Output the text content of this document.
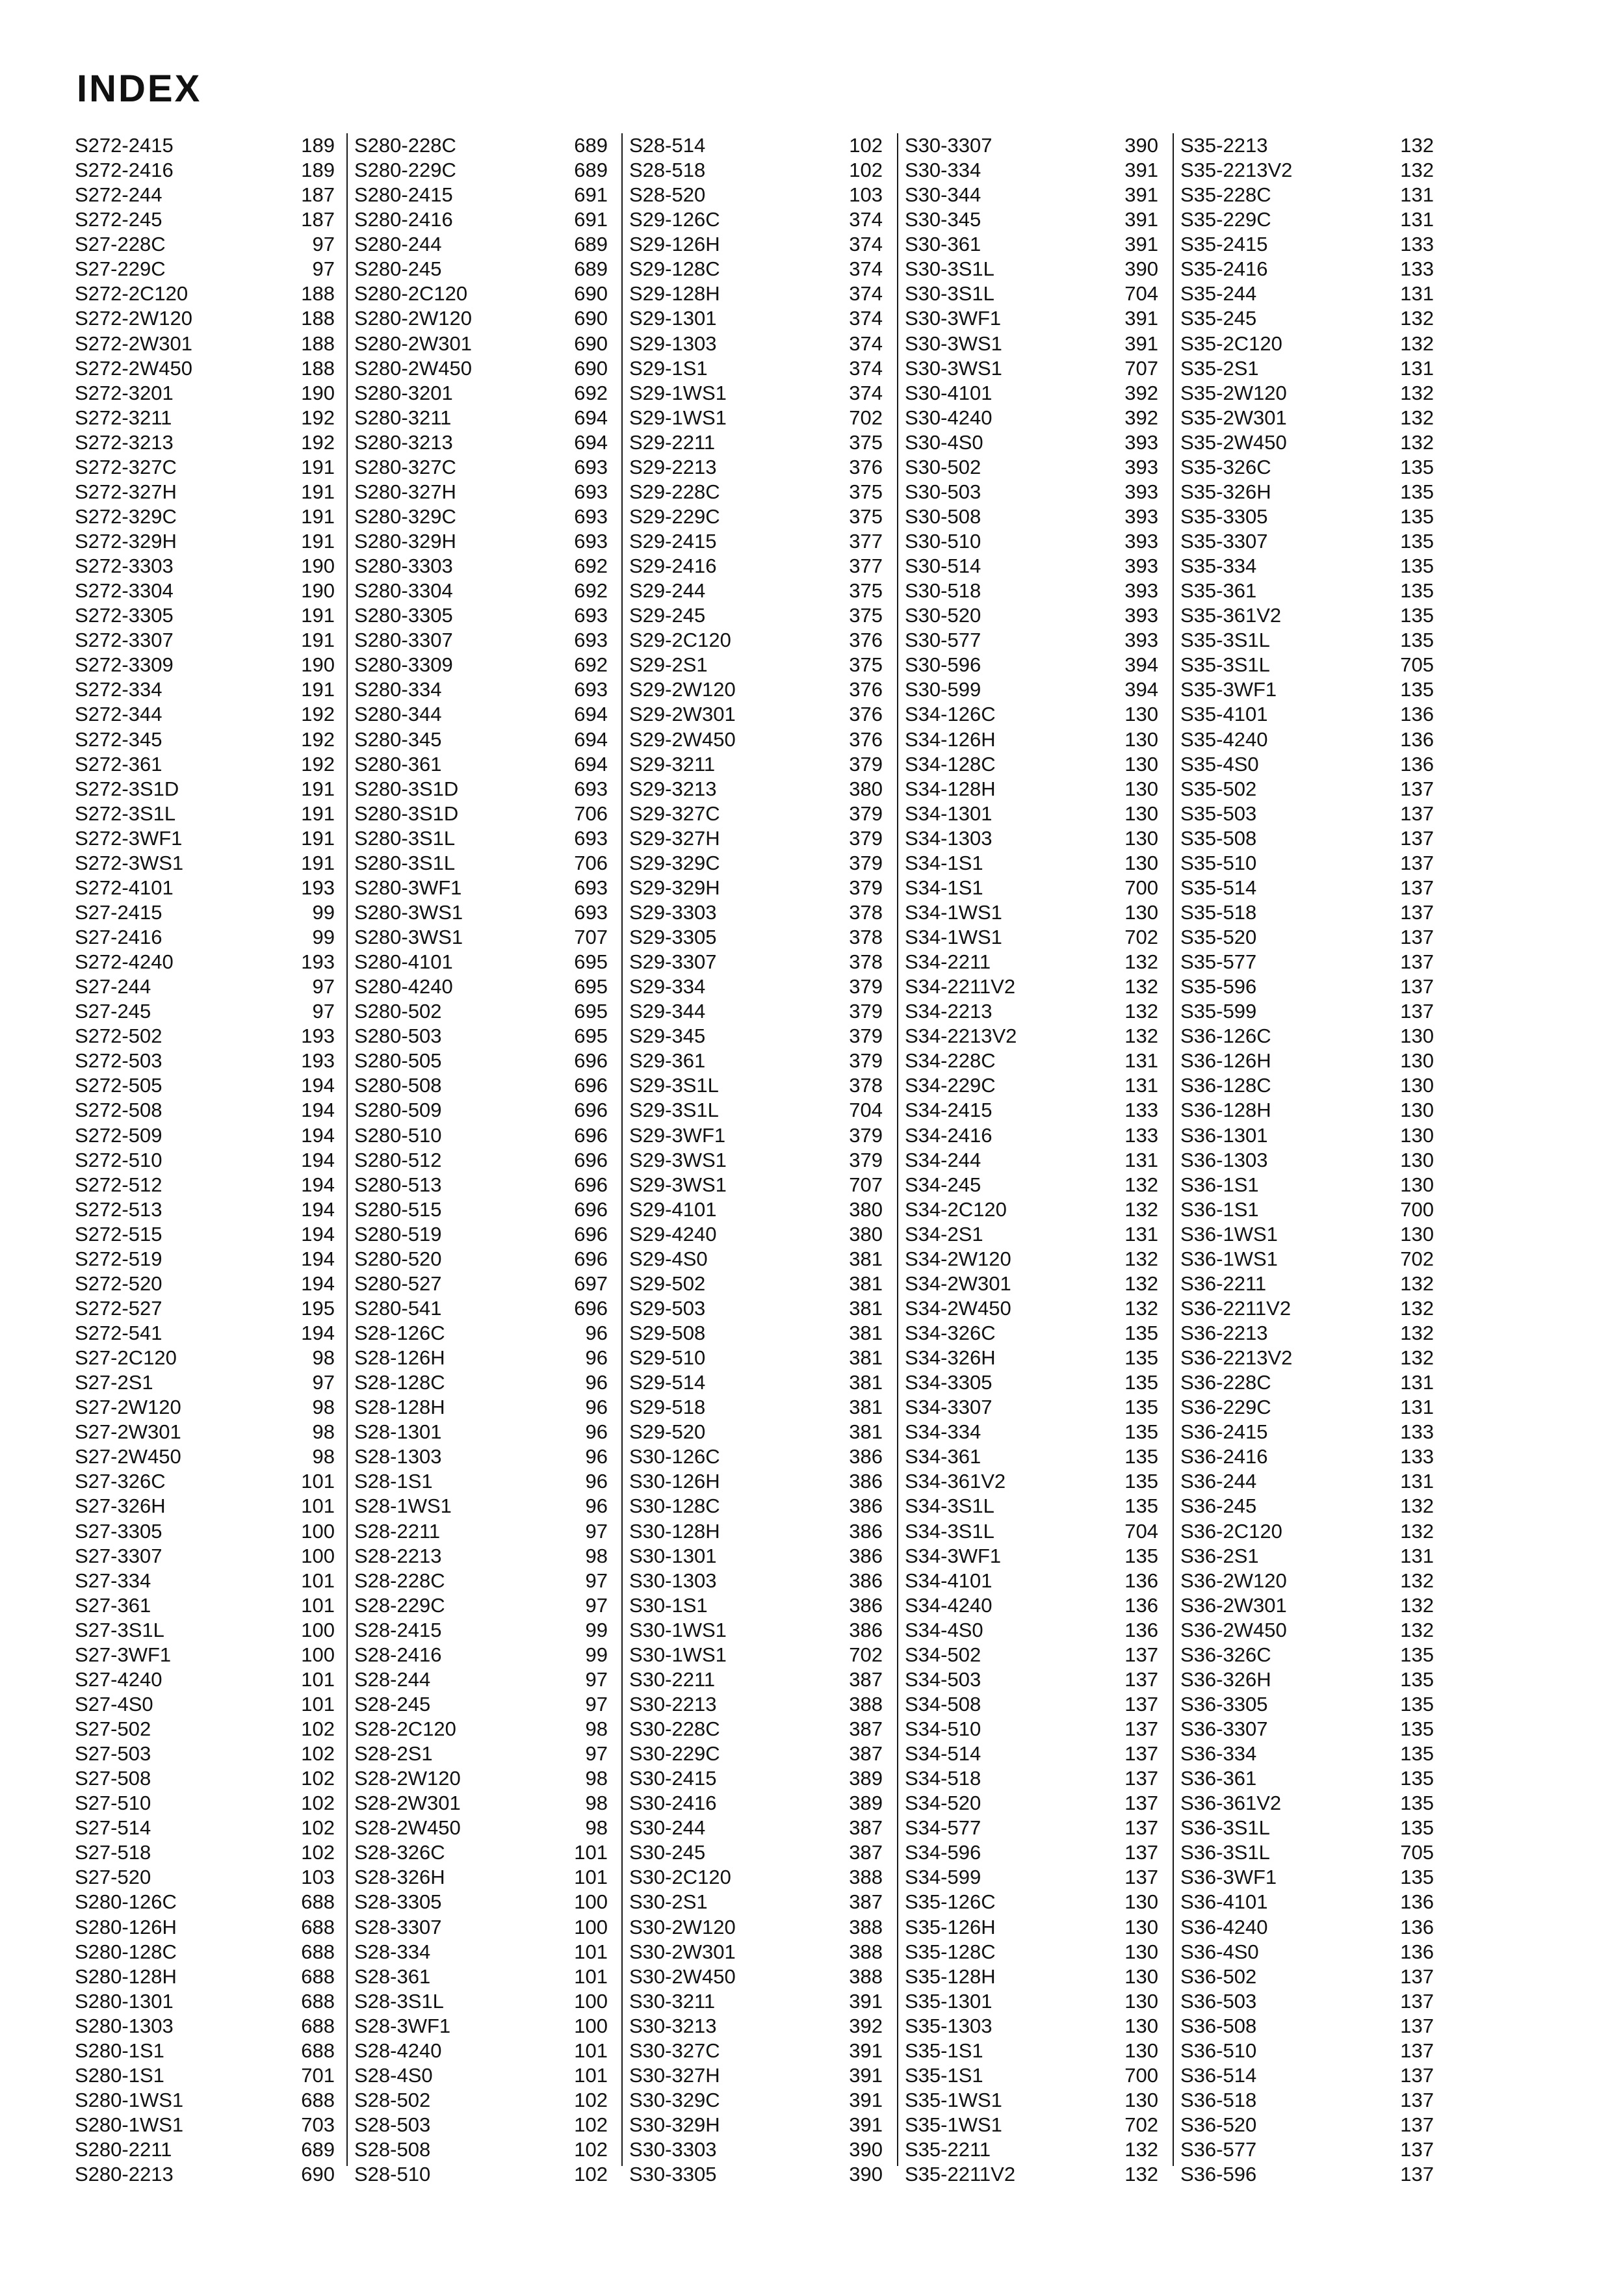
INDEX
S272-2415	189
S272-2416	189
S272-244	187
S272-245	187
S27-228C	97
S27-229C	97
S272-2C120	188
S272-2W120	188
S272-2W301	188
S272-2W450	188
S272-3201	190
S272-3211	192
S272-3213	192
S272-327C	191
S272-327H	191
S272-329C	191
S272-329H	191
S272-3303	190
S272-3304	190
S272-3305	191
S272-3307	191
S272-3309	190
S272-334	191
S272-344	192
S272-345	192
S272-361	192
S272-3S1D	191
S272-3S1L	191
S272-3WF1	191
S272-3WS1	191
S272-4101	193
S27-2415	99
S27-2416	99
S272-4240	193
S27-244	97
S27-245	97
S272-502	193
S272-503	193
S272-505	194
S272-508	194
S272-509	194
S272-510	194
S272-512	194
S272-513	194
S272-515	194
S272-519	194
S272-520	194
S272-527	195
S272-541	194
S27-2C120	98
S27-2S1	97
S27-2W120	98
S27-2W301	98
S27-2W450	98
S27-326C	101
S27-326H	101
S27-3305	100
S27-3307	100
S27-334	101
S27-361	101
S27-3S1L	100
S27-3WF1	100
S27-4240	101
S27-4S0	101
S27-502	102
S27-503	102
S27-508	102
S27-510	102
S27-514	102
S27-518	102
S27-520	103
S280-126C	688
S280-126H	688
S280-128C	688
S280-128H	688
S280-1301	688
S280-1303	688
S280-1S1	688
S280-1S1	701
S280-1WS1	688
S280-1WS1	703
S280-2211	689
S280-2213	690
S280-228C	689
S280-229C	689
S280-2415	691
S280-2416	691
S280-244	689
S280-245	689
S280-2C120	690
S280-2W120	690
S280-2W301	690
S280-2W450	690
S280-3201	692
S280-3211	694
S280-3213	694
S280-327C	693
S280-327H	693
S280-329C	693
S280-329H	693
S280-3303	692
S280-3304	692
S280-3305	693
S280-3307	693
S280-3309	692
S280-334	693
S280-344	694
S280-345	694
S280-361	694
S280-3S1D	693
S280-3S1D	706
S280-3S1L	693
S280-3S1L	706
S280-3WF1	693
S280-3WS1	693
S280-3WS1	707
S280-4101	695
S280-4240	695
S280-502	695
S280-503	695
S280-505	696
S280-508	696
S280-509	696
S280-510	696
S280-512	696
S280-513	696
S280-515	696
S280-519	696
S280-520	696
S280-527	697
S280-541	696
S28-126C	96
S28-126H	96
S28-128C	96
S28-128H	96
S28-1301	96
S28-1303	96
S28-1S1	96
S28-1WS1	96
S28-2211	97
S28-2213	98
S28-228C	97
S28-229C	97
S28-2415	99
S28-2416	99
S28-244	97
S28-245	97
S28-2C120	98
S28-2S1	97
S28-2W120	98
S28-2W301	98
S28-2W450	98
S28-326C	101
S28-326H	101
S28-3305	100
S28-3307	100
S28-334	101
S28-361	101
S28-3S1L	100
S28-3WF1	100
S28-4240	101
S28-4S0	101
S28-502	102
S28-503	102
S28-508	102
S28-510	102
S28-514	102
S28-518	102
S28-520	103
S29-126C	374
S29-126H	374
S29-128C	374
S29-128H	374
S29-1301	374
S29-1303	374
S29-1S1	374
S29-1WS1	374
S29-1WS1	702
S29-2211	375
S29-2213	376
S29-228C	375
S29-229C	375
S29-2415	377
S29-2416	377
S29-244	375
S29-245	375
S29-2C120	376
S29-2S1	375
S29-2W120	376
S29-2W301	376
S29-2W450	376
S29-3211	379
S29-3213	380
S29-327C	379
S29-327H	379
S29-329C	379
S29-329H	379
S29-3303	378
S29-3305	378
S29-3307	378
S29-334	379
S29-344	379
S29-345	379
S29-361	379
S29-3S1L	378
S29-3S1L	704
S29-3WF1	379
S29-3WS1	379
S29-3WS1	707
S29-4101	380
S29-4240	380
S29-4S0	381
S29-502	381
S29-503	381
S29-508	381
S29-510	381
S29-514	381
S29-518	381
S29-520	381
S30-126C	386
S30-126H	386
S30-128C	386
S30-128H	386
S30-1301	386
S30-1303	386
S30-1S1	386
S30-1WS1	386
S30-1WS1	702
S30-2211	387
S30-2213	388
S30-228C	387
S30-229C	387
S30-2415	389
S30-2416	389
S30-244	387
S30-245	387
S30-2C120	388
S30-2S1	387
S30-2W120	388
S30-2W301	388
S30-2W450	388
S30-3211	391
S30-3213	392
S30-327C	391
S30-327H	391
S30-329C	391
S30-329H	391
S30-3303	390
S30-3305	390
S30-3307	390
S30-334	391
S30-344	391
S30-345	391
S30-361	391
S30-3S1L	390
S30-3S1L	704
S30-3WF1	391
S30-3WS1	391
S30-3WS1	707
S30-4101	392
S30-4240	392
S30-4S0	393
S30-502	393
S30-503	393
S30-508	393
S30-510	393
S30-514	393
S30-518	393
S30-520	393
S30-577	393
S30-596	394
S30-599	394
S34-126C	130
S34-126H	130
S34-128C	130
S34-128H	130
S34-1301	130
S34-1303	130
S34-1S1	130
S34-1S1	700
S34-1WS1	130
S34-1WS1	702
S34-2211	132
S34-2211V2	132
S34-2213	132
S34-2213V2	132
S34-228C	131
S34-229C	131
S34-2415	133
S34-2416	133
S34-244	131
S34-245	132
S34-2C120	132
S34-2S1	131
S34-2W120	132
S34-2W301	132
S34-2W450	132
S34-326C	135
S34-326H	135
S34-3305	135
S34-3307	135
S34-334	135
S34-361	135
S34-361V2	135
S34-3S1L	135
S34-3S1L	704
S34-3WF1	135
S34-4101	136
S34-4240	136
S34-4S0	136
S34-502	137
S34-503	137
S34-508	137
S34-510	137
S34-514	137
S34-518	137
S34-520	137
S34-577	137
S34-596	137
S34-599	137
S35-126C	130
S35-126H	130
S35-128C	130
S35-128H	130
S35-1301	130
S35-1303	130
S35-1S1	130
S35-1S1	700
S35-1WS1	130
S35-1WS1	702
S35-2211	132
S35-2211V2	132
S35-2213	132
S35-2213V2	132
S35-228C	131
S35-229C	131
S35-2415	133
S35-2416	133
S35-244	131
S35-245	132
S35-2C120	132
S35-2S1	131
S35-2W120	132
S35-2W301	132
S35-2W450	132
S35-326C	135
S35-326H	135
S35-3305	135
S35-3307	135
S35-334	135
S35-361	135
S35-361V2	135
S35-3S1L	135
S35-3S1L	705
S35-3WF1	135
S35-4101	136
S35-4240	136
S35-4S0	136
S35-502	137
S35-503	137
S35-508	137
S35-510	137
S35-514	137
S35-518	137
S35-520	137
S35-577	137
S35-596	137
S35-599	137
S36-126C	130
S36-126H	130
S36-128C	130
S36-128H	130
S36-1301	130
S36-1303	130
S36-1S1	130
S36-1S1	700
S36-1WS1	130
S36-1WS1	702
S36-2211	132
S36-2211V2	132
S36-2213	132
S36-2213V2	132
S36-228C	131
S36-229C	131
S36-2415	133
S36-2416	133
S36-244	131
S36-245	132
S36-2C120	132
S36-2S1	131
S36-2W120	132
S36-2W301	132
S36-2W450	132
S36-326C	135
S36-326H	135
S36-3305	135
S36-3307	135
S36-334	135
S36-361	135
S36-361V2	135
S36-3S1L	135
S36-3S1L	705
S36-3WF1	135
S36-4101	136
S36-4240	136
S36-4S0	136
S36-502	137
S36-503	137
S36-508	137
S36-510	137
S36-514	137
S36-518	137
S36-520	137
S36-577	137
S36-596	137
